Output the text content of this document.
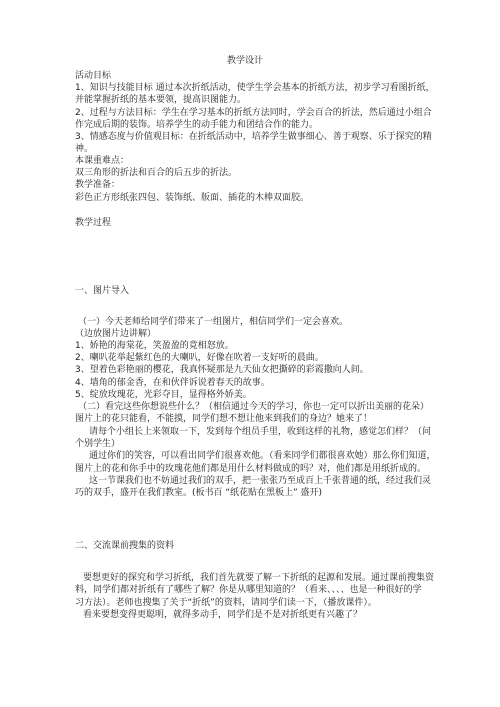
教学设计
活动目标
1、知识与技能目标 通过本次折纸活动，使学生学会基本的折纸方法，初步学习看图折纸，
并能掌握折纸的基本要领，提高识图能力。
2、过程与方法目标：学生在学习基本的折纸方法同时，学会百合的折法，然后通过小组合
作完成后期的装饰。培养学生的动手能力和团结合作的能力。
3、情感态度与价值观目标：在折纸活动中，培养学生做事细心、善于观察、乐于探究的精
神。
本课重难点：
双三角形的折法和百合的后五步的折法。
教学准备：
彩色正方形纸张四包、装饰纸、版面、插花的木棒双面胶。
教学过程
一、图片导入
（一）今天老师给同学们带来了一组图片，相信同学们一定会喜欢。
（边放图片边讲解）
1、娇艳的海棠花，笑盈盈的竟相怒放。
2、喇叭花举起紫红色的大喇叭，好像在吹着一支好听的晨曲。
3、望着色彩艳丽的樱花，我真怀疑那是九天仙女把撕碎的彩霞撒向人间。
4、墙角的郁金香，在和伙伴诉说着春天的故事。
5、绽放玫瑰花，光彩夺目，显得格外娇美。
（二）看完这些你想说些什么？（相信通过今天的学习，你也一定可以折出美丽的花朵）
图片上的花只能看，不能摸，同学们想不想让他来到我们的身边？她来了！
请每个小组长上来领取一下，发到每个组员手里，收到这样的礼物，感觉怎们样？（问
个别学生）
通过你们的笑容，可以看出同学们很喜欢他。（看来同学们都很喜欢她）那么你们知道，
图片上的花和你手中的玫瑰花他们都是用什么材料做成的吗？对，他们都是用纸折成的。
这一节课我们也不妨通过我们的双手，把一张张乃至成百上千张普通的纸，经过我们灵
巧的双手，盛开在我们教室。(板书百 “纸花贴在黑板上” 盛开)
二、交流课前搜集的资料
要想更好的探究和学习折纸，我们首先就要了解一下折纸的起源和发展。通过课前搜集资
料，同学们都对折纸有了哪些了解？你是从哪里知道的？（看来、、、、也是一种很好的学
习方法）。老师也搜集了关于“折纸”的资料，请同学们读一下，（播放课件）。
看来要想变得更聪明，就得多动手，同学们是不是对折纸更有兴趣了？
